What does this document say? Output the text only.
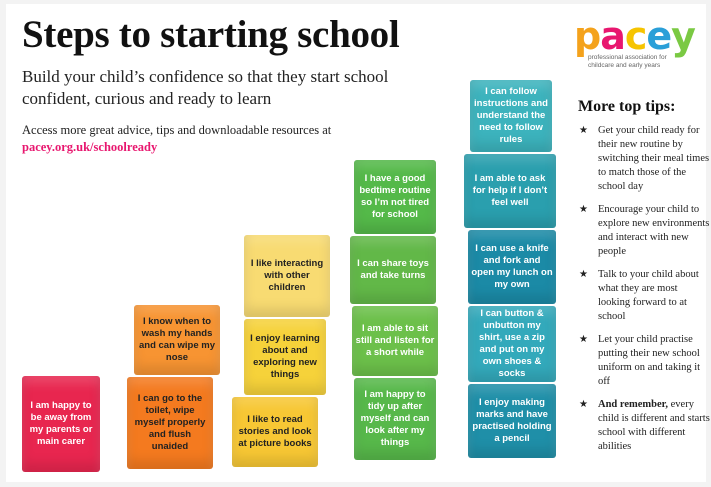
Steps to starting school

Build your child’s confidence so that they start school confident, curious and ready to learn

Access more great advice, tips and downloadable resources at
pacey.org.uk/schoolready
pacey
professional association for childcare and early years
More top tips:
★ Get your child ready for their new routine by switching their meal times to match those of the school day
★ Encourage your child to explore new environments and interact with new people
★ Talk to your child about what they are most looking forward to at school
★ Let your child practise putting their new school uniform on and taking it off
★ And remember, every child is different and starts school with different abilities
I am happy to be away from my parents or main carer
I can go to the toilet, wipe myself properly and flush unaided
I know when to wash my hands and can wipe my nose
I like to read stories and look at picture books
I enjoy learning about and exploring new things
I like interacting with other children
I am happy to tidy up after myself and can look after my things
I am able to sit still and listen for a short while
I can share toys and take turns
I have a good bedtime routine so I’m not tired for school
I enjoy making marks and have practised holding a pencil
I can button & unbutton my shirt, use a zip and put on my own shoes & socks
I can use a knife and fork and open my lunch on my own
I am able to ask for help if I don’t feel well
I can follow instructions and understand the need to follow rules
